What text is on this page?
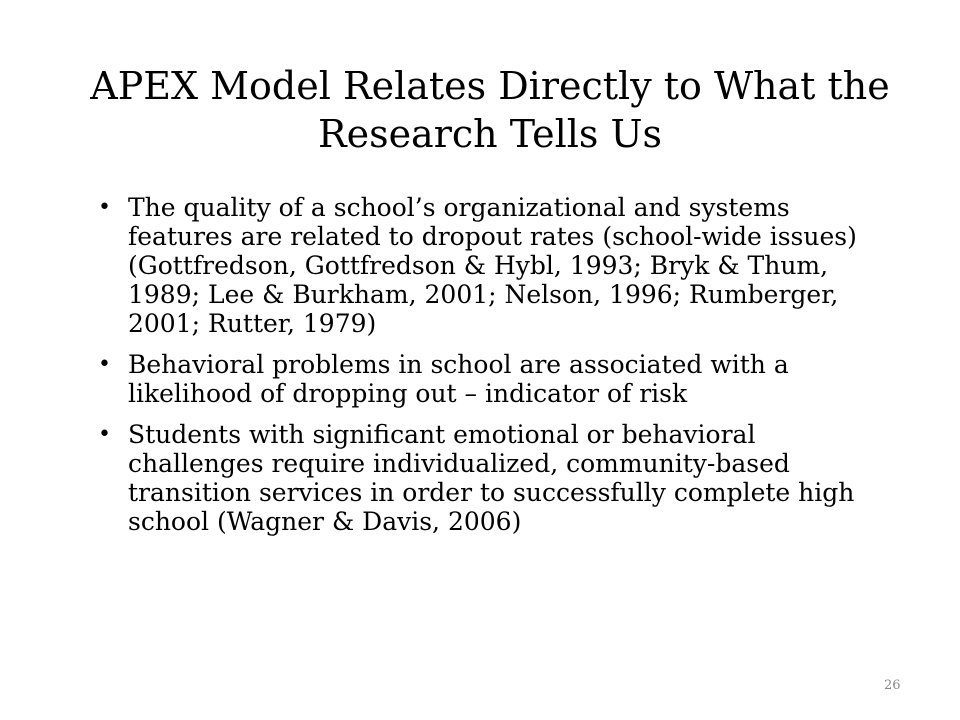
APEX Model Relates Directly to What the Research Tells Us
• The quality of a school’s organizational and systems features are related to dropout rates (school-wide issues) (Gottfredson, Gottfredson & Hybl, 1993; Bryk & Thum, 1989; Lee & Burkham, 2001; Nelson, 1996; Rumberger, 2001; Rutter, 1979)
• Behavioral problems in school are associated with a likelihood of dropping out – indicator of risk
• Students with significant emotional or behavioral challenges require individualized, community-based transition services in order to successfully complete high school (Wagner & Davis, 2006)
26
